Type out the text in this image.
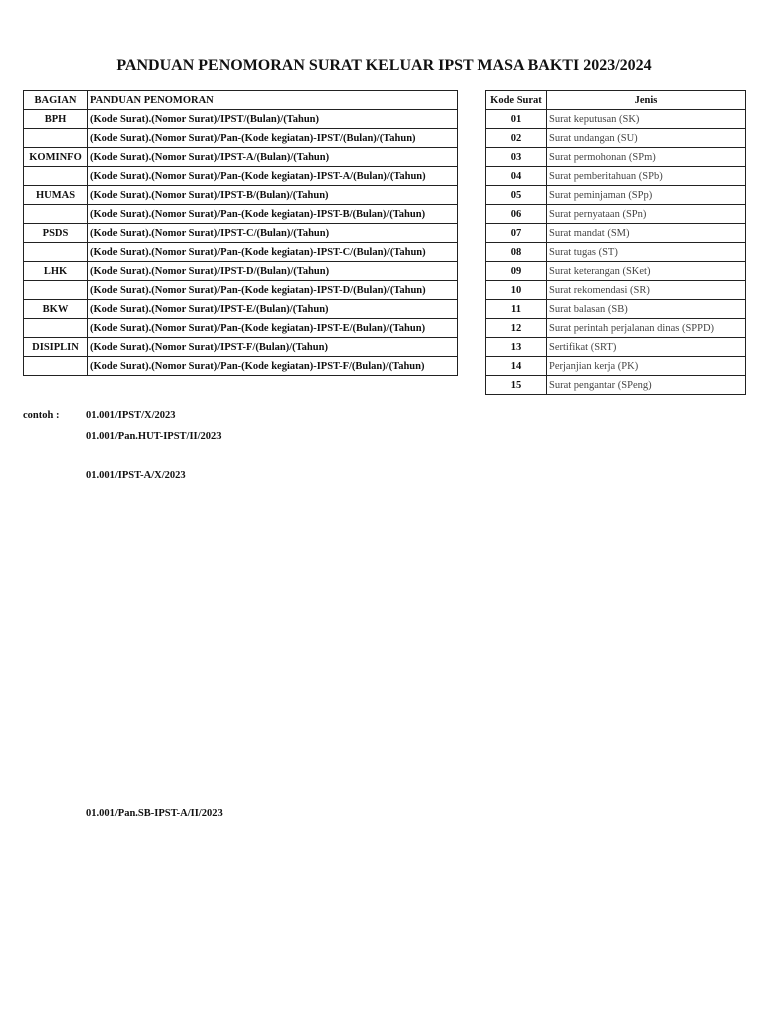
PANDUAN PENOMORAN SURAT KELUAR IPST MASA BAKTI 2023/2024
BAGIAN	PANDUAN PENOMORAN
BPH	(Kode Surat).(Nomor Surat)/IPST/(Bulan)/(Tahun)
	(Kode Surat).(Nomor Surat)/Pan-(Kode kegiatan)-IPST/(Bulan)/(Tahun)
KOMINFO	(Kode Surat).(Nomor Surat)/IPST-A/(Bulan)/(Tahun)
	(Kode Surat).(Nomor Surat)/Pan-(Kode kegiatan)-IPST-A/(Bulan)/(Tahun)
HUMAS	(Kode Surat).(Nomor Surat)/IPST-B/(Bulan)/(Tahun)
	(Kode Surat).(Nomor Surat)/Pan-(Kode kegiatan)-IPST-B/(Bulan)/(Tahun)
PSDS	(Kode Surat).(Nomor Surat)/IPST-C/(Bulan)/(Tahun)
	(Kode Surat).(Nomor Surat)/Pan-(Kode kegiatan)-IPST-C/(Bulan)/(Tahun)
LHK	(Kode Surat).(Nomor Surat)/IPST-D/(Bulan)/(Tahun)
	(Kode Surat).(Nomor Surat)/Pan-(Kode kegiatan)-IPST-D/(Bulan)/(Tahun)
BKW	(Kode Surat).(Nomor Surat)/IPST-E/(Bulan)/(Tahun)
	(Kode Surat).(Nomor Surat)/Pan-(Kode kegiatan)-IPST-E/(Bulan)/(Tahun)
DISIPLIN	(Kode Surat).(Nomor Surat)/IPST-F/(Bulan)/(Tahun)
	(Kode Surat).(Nomor Surat)/Pan-(Kode kegiatan)-IPST-F/(Bulan)/(Tahun)
Kode Surat	Jenis
01	Surat keputusan (SK)
02	Surat undangan (SU)
03	Surat permohonan (SPm)
04	Surat pemberitahuan (SPb)
05	Surat peminjaman (SPp)
06	Surat pernyataan (SPn)
07	Surat mandat (SM)
08	Surat tugas (ST)
09	Surat keterangan (SKet)
10	Surat rekomendasi (SR)
11	Surat balasan (SB)
12	Surat perintah perjalanan dinas (SPPD)
13	Sertifikat (SRT)
14	Perjanjian kerja (PK)
15	Surat pengantar (SPeng)
contoh :	01.001/IPST/X/2023
01.001/Pan.HUT-IPST/II/2023
01.001/IPST-A/X/2023
01.001/Pan.SB-IPST-A/II/2023
